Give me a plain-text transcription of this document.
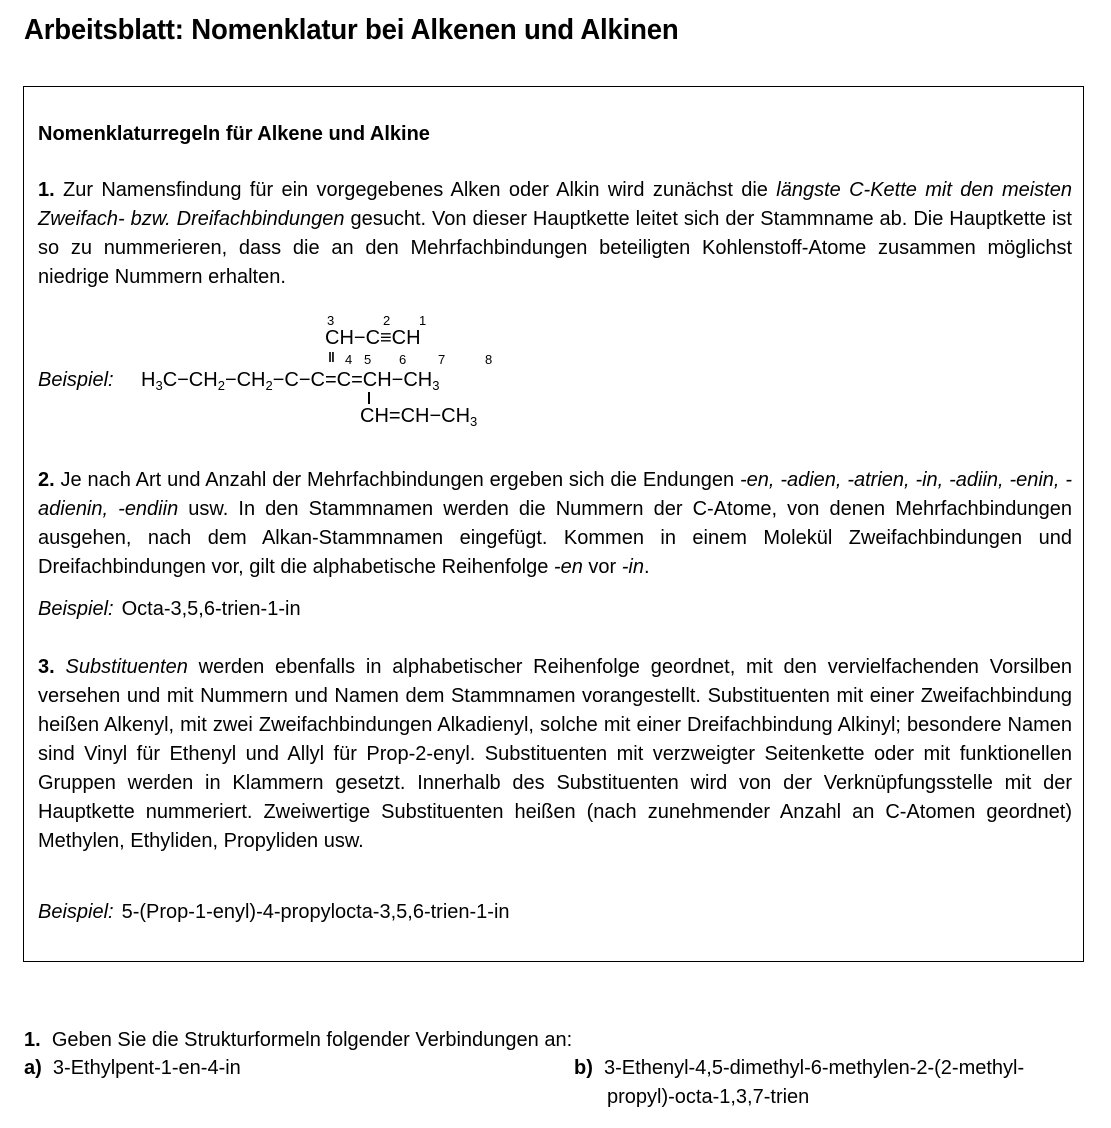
Arbeitsblatt: Nomenklatur bei Alkenen und Alkinen
Nomenklaturregeln für Alkene und Alkine
1. Zur Namensfindung für ein vorgegebenes Alken oder Alkin wird zunächst die längste C-Kette mit den meisten Zweifach- bzw. Dreifachbindungen gesucht. Von dieser Hauptkette leitet sich der Stammname ab. Die Hauptkette ist so zu nummerieren, dass die an den Mehrfachbindungen beteiligten Kohlenstoff-Atome zusammen möglichst niedrige Nummern erhalten.
Beispiel:
3	2 1
CH−C≡CH
‖ 4 5 6 7	8
$H_3C-CH_2-CH_2-C-C=C=CH-CH_3$
$CH=CH-CH_3$
2. Je nach Art und Anzahl der Mehrfachbindungen ergeben sich die Endungen -en, -adien, -atrien, -in, -adiin, -enin, -adienin, -endiin usw. In den Stammnamen werden die Nummern der C-Atome, von denen Mehrfachbindungen ausgehen, nach dem Alkan-Stammnamen eingefügt. Kommen in einem Molekül Zweifachbindungen und Dreifachbindungen vor, gilt die alphabetische Reihenfolge -en vor -in.
Beispiel: Octa-3,5,6-trien-1-in
3. Substituenten werden ebenfalls in alphabetischer Reihenfolge geordnet, mit den vervielfachenden Vorsilben versehen und mit Nummern und Namen dem Stammnamen vorangestellt. Substituenten mit einer Zweifachbindung heißen Alkenyl, mit zwei Zweifachbindungen Alkadienyl, solche mit einer Dreifachbindung Alkinyl; besondere Namen sind Vinyl für Ethenyl und Allyl für Prop-2-enyl. Substituenten mit verzweigter Seitenkette oder mit funktionellen Gruppen werden in Klammern gesetzt. Innerhalb des Substituenten wird von der Verknüpfungsstelle mit der Hauptkette nummeriert. Zweiwertige Substituenten heißen (nach zunehmender Anzahl an C-Atomen geordnet) Methylen, Ethyliden, Propyliden usw.
Beispiel: 5-(Prop-1-enyl)-4-propylocta-3,5,6-trien-1-in
1. Geben Sie die Strukturformeln folgender Verbindungen an:
a) 3-Ethylpent-1-en-4-in	b) 3-Ethenyl-4,5-dimethyl-6-methylen-2-(2-methyl-
propyl)-octa-1,3,7-trien
